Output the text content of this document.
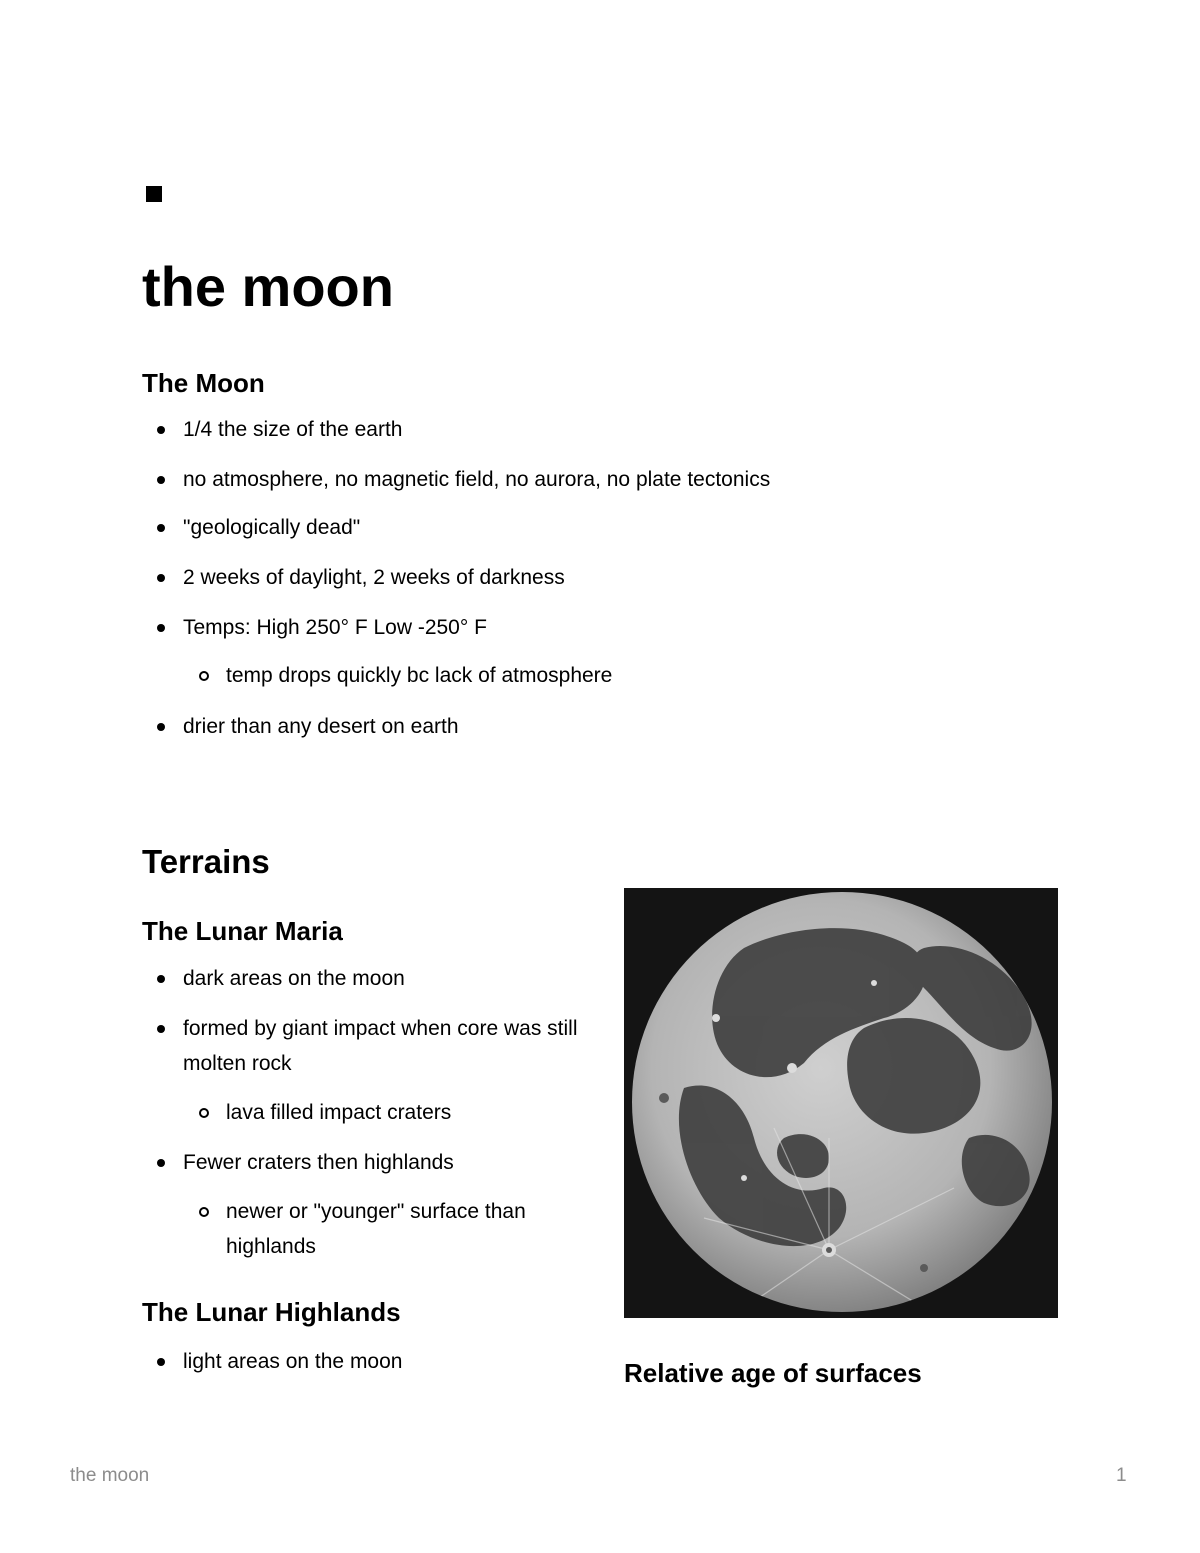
the moon
The Moon
1/4 the size of the earth
no atmosphere, no magnetic field, no aurora, no plate tectonics
"geologically dead"
2 weeks of daylight, 2 weeks of darkness
Temps: High 250° F Low -250° F
temp drops quickly bc lack of atmosphere
drier than any desert on earth
Terrains
The Lunar Maria
dark areas on the moon
formed by giant impact when core was still molten rock
lava filled impact craters
Fewer craters then highlands
newer or "younger" surface than highlands
The Lunar Highlands
light areas on the moon	Relative age of surfaces
the moon	1
